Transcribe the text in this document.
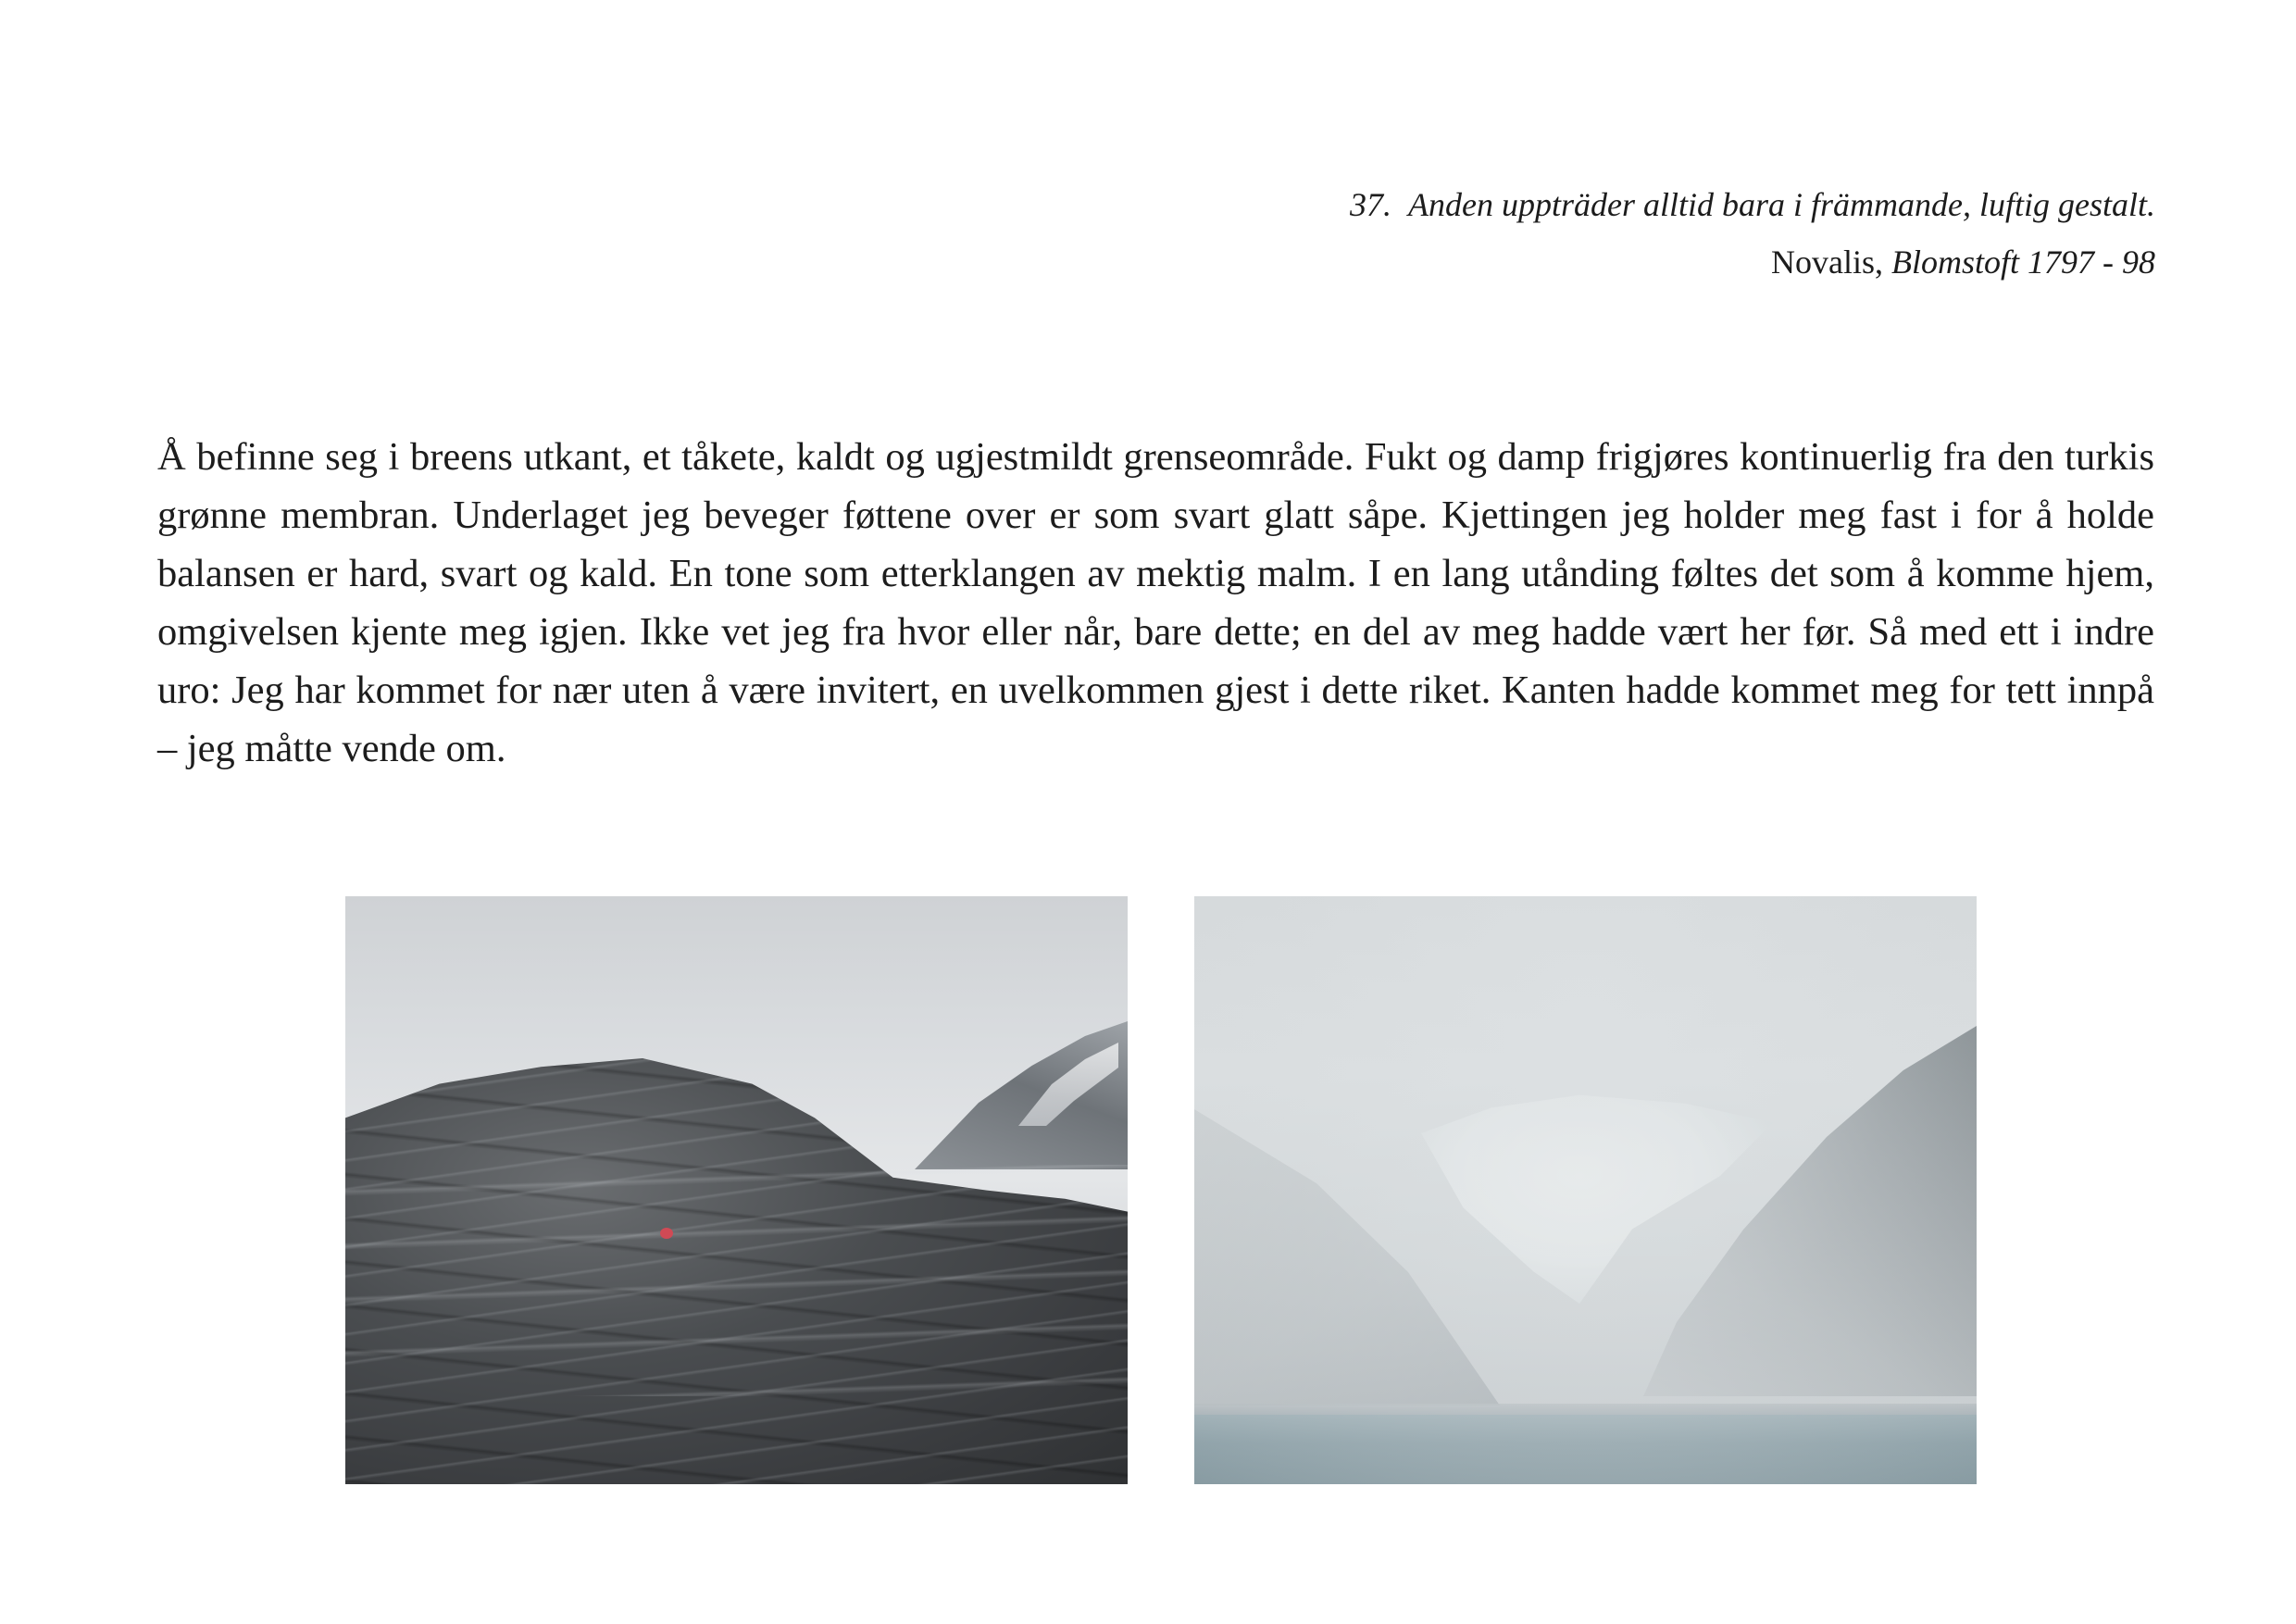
37. Anden uppträder alltid bara i främmande, luftig gestalt.
Novalis, Blomstoft 1797 - 98

Å befinne seg i breens utkant, et tåkete, kaldt og ugjestmildt grenseområde. Fukt og damp frigjøres kontinuerlig fra den turkis grønne membran. Underlaget jeg beveger føttene over er som svart glatt såpe. Kjettingen jeg holder meg fast i for å holde balansen er hard, svart og kald. En tone som etterklangen av mektig malm. I en lang utånding føltes det som å komme hjem, omgivelsen kjente meg igjen. Ikke vet jeg fra hvor eller når, bare dette; en del av meg hadde vært her før. Så med ett i indre uro: Jeg har kommet for nær uten å være invitert, en uvelkommen gjest i dette riket. Kanten hadde kommet meg for tett innpå – jeg måtte vende om.
